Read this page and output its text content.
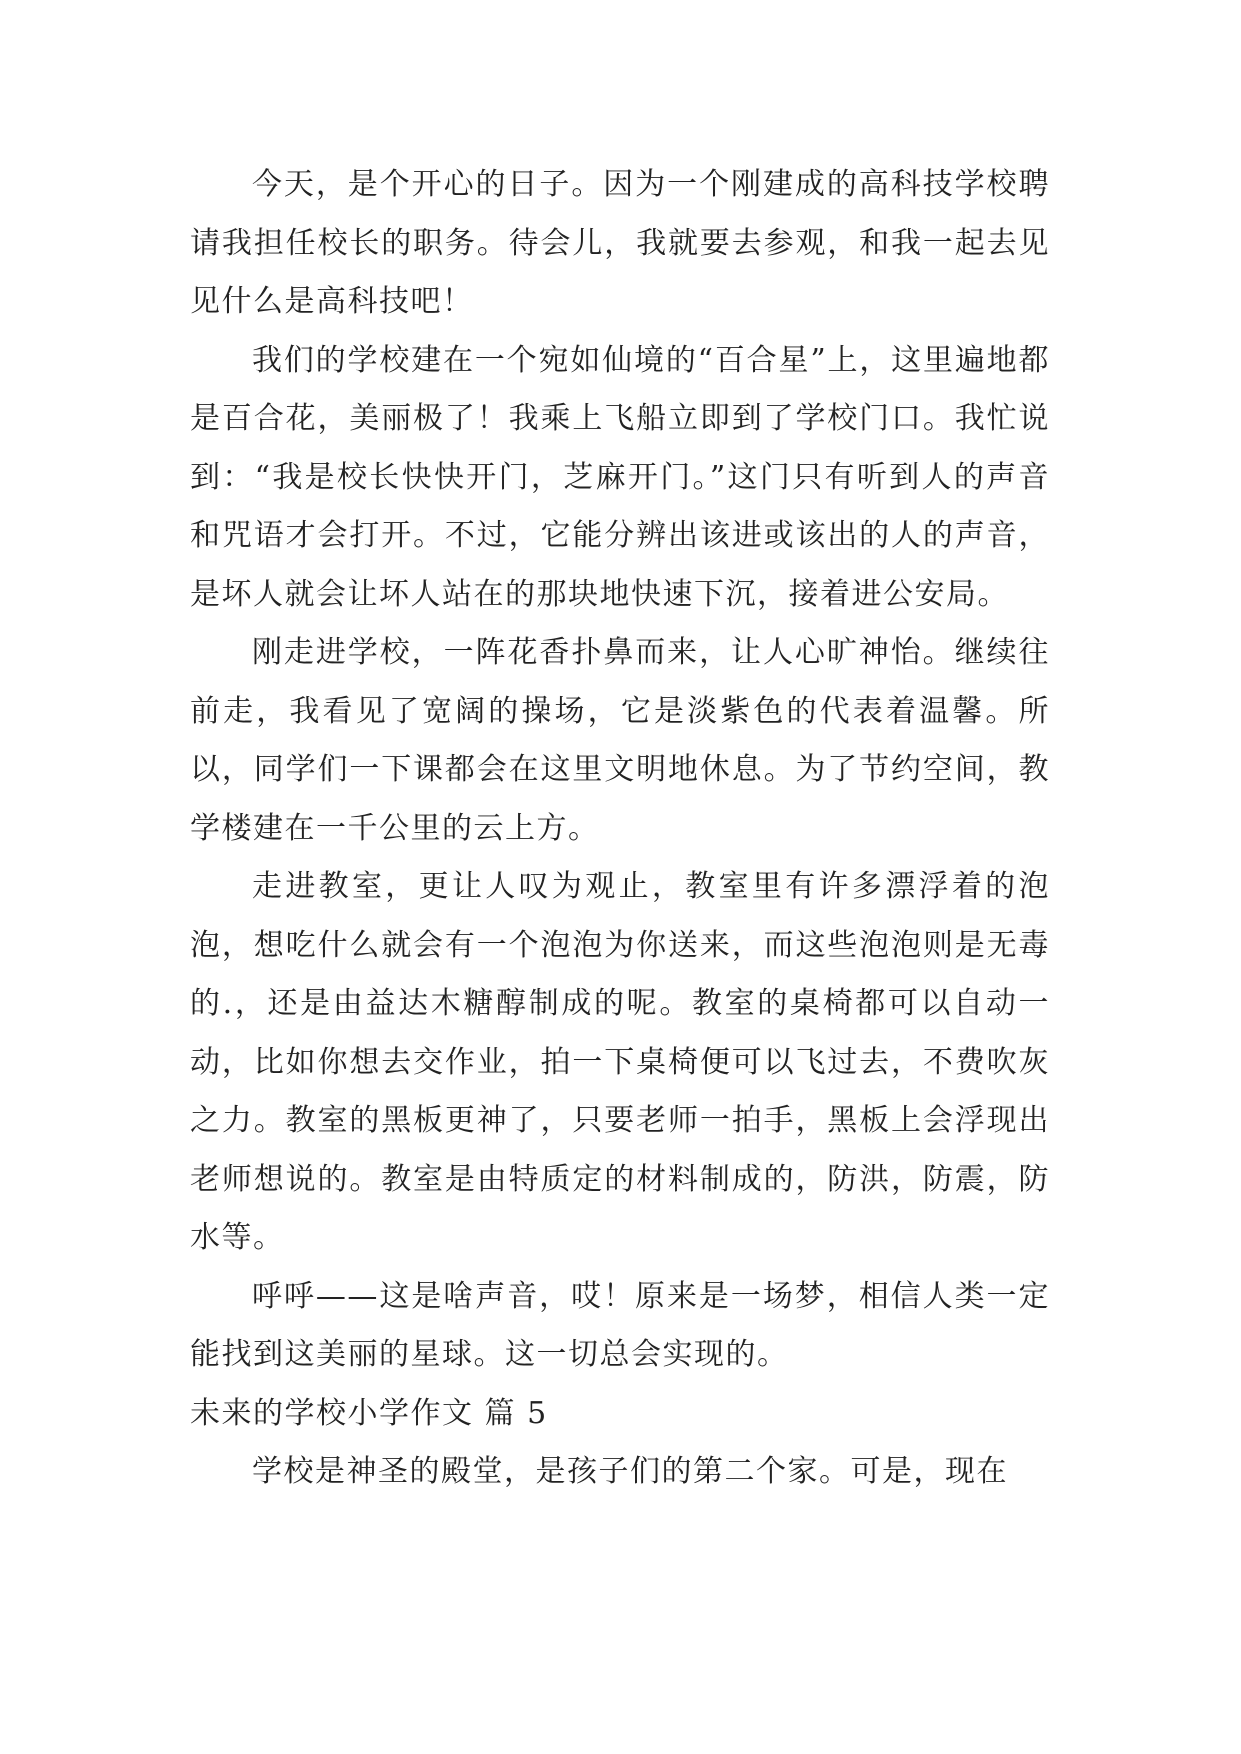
今天，是个开心的日子。因为一个刚建成的高科技学校聘请我担任校长的职务。待会儿，我就要去参观，和我一起去见见什么是高科技吧！

我们的学校建在一个宛如仙境的“百合星”上，这里遍地都是百合花，美丽极了！我乘上飞船立即到了学校门口。我忙说到：“我是校长快快开门，芝麻开门。”这门只有听到人的声音和咒语才会打开。不过，它能分辨出该进或该出的人的声音，是坏人就会让坏人站在的那块地快速下沉，接着进公安局。

刚走进学校，一阵花香扑鼻而来，让人心旷神怡。继续往前走，我看见了宽阔的操场，它是淡紫色的代表着温馨。所以，同学们一下课都会在这里文明地休息。为了节约空间，教学楼建在一千公里的云上方。

走进教室，更让人叹为观止，教室里有许多漂浮着的泡泡，想吃什么就会有一个泡泡为你送来，而这些泡泡则是无毒的.，还是由益达木糖醇制成的呢。教室的桌椅都可以自动一动，比如你想去交作业，拍一下桌椅便可以飞过去，不费吹灰之力。教室的黑板更神了，只要老师一拍手，黑板上会浮现出老师想说的。教室是由特质定的材料制成的，防洪，防震，防水等。

呼呼——这是啥声音，哎！原来是一场梦，相信人类一定能找到这美丽的星球。这一切总会实现的。

未来的学校小学作文 篇 5

学校是神圣的殿堂，是孩子们的第二个家。可是，现在
